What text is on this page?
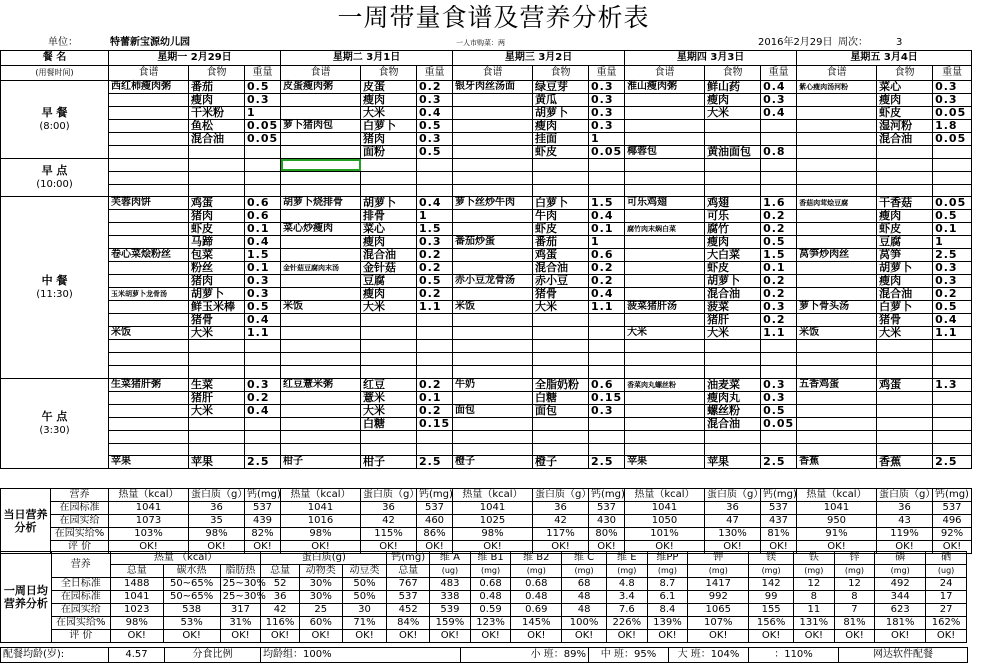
一周带量食谱及营养分析表
单位：	特蕾新宝源幼儿园	一人市购菜：两	2016年2月29日 周次：	3
餐 名	星期一 2月29日			星期二 3月1日			星期三 3月2日			星期四 3月3日			星期五 3月4日		
(用餐时间)	食谱	食物	重量	食谱	食物	重量	食谱	食物	重量	食谱	食物	重量	食谱	食物	重量

早 餐
(8:00)	西红柿瘦肉粥	番茄	0.5	皮蛋瘦肉粥	皮蛋	0.2	银牙肉丝汤面	绿豆芽	0.3	淮山瘦肉粥	鲜山药	0.4	紫心瘦肉汤河粉	菜心	0.3
		瘦肉	0.3		瘦肉	0.3		黄瓜	0.3		瘦肉	0.3		瘦肉	0.3
		干米粉	1		大米	0.4		胡萝卜	0.3		大米	0.4		虾皮	0.05
		鱼松	0.05	萝卜猪肉包	白萝卜	0.5		瘦肉	0.3					湿河粉	1.8
		混合油	0.05		猪肉	0.3		挂面	1					混合油	0.05
					面粉	0.5		虾皮	0.05	椰蓉包	黄油面包	0.8			

早 点
(10:00)															

中 餐
(11:30)	芙蓉肉饼	鸡蛋	0.6	胡萝卜烧排骨	胡萝卜	0.4	萝卜丝炒牛肉	白萝卜	1.5	可乐鸡翅	鸡翅	1.6	香菇肉茸烩豆腐	干香菇	0.05
		猪肉	0.6		排骨	1		牛肉	0.4		可乐	0.2		瘦肉	0.5
		虾皮	0.1	菜心炒瘦肉	菜心	1.5		虾皮	0.1	腐竹肉末焖白菜	腐竹	0.2		虾皮	0.1
		马蹄	0.4		瘦肉	0.3	番茄炒蛋	番茄	1		瘦肉	0.5		豆腐	1
	卷心菜烩粉丝	包菜	1.5		混合油	0.2		鸡蛋	0.6		大白菜	1.5	莴笋炒肉丝	莴笋	2.5
		粉丝	0.1	金针菇豆腐肉末汤	金针菇	0.2		混合油	0.2		虾皮	0.1		胡萝卜	0.3
		猪肉	0.3		豆腐	0.5	赤小豆龙骨汤	赤小豆	0.2		胡萝卜	0.2		瘦肉	0.3
	玉米胡萝卜龙骨汤	胡萝卜	0.3		瘦肉	0.2		猪骨	0.4		混合油	0.2		混合油	0.2
		鲜玉米棒	0.5	米饭	大米	1.1	米饭	大米	1.1	菠菜猪肝汤	菠菜	0.3	萝卜骨头汤	白萝卜	0.5
		猪骨	0.4								猪肝	0.2		猪骨	0.4
	米饭	大米	1.1							大米	大米	1.1	米饭	大米	1.1

午 点
(3:30)	生菜猪肝粥	生菜	0.3	红豆薏米粥	红豆	0.2	牛奶	全脂奶粉	0.6	香菜肉丸螺丝粉	油麦菜	0.3	五香鸡蛋	鸡蛋	1.3
		猪肝	0.2		薏米	0.1		白糖	0.15		瘦肉丸	0.3			
		大米	0.4		大米	0.2	面包	面包	0.3		螺丝粉	0.5			
					白糖	0.15					混合油	0.05			

	苹果	苹果	2.5	柑子	柑子	2.5	橙子	橙子	2.5	苹果	苹果	2.5	香蕉	香蕉	2.5
当日营养分析	营养	热量（kcal）	蛋白质（g）	钙(mg)	热量（kcal）	蛋白质（g）	钙(mg)	热量（kcal）	蛋白质（g）	钙(mg)	热量（kcal）	蛋白质（g）	钙(mg)	热量（kcal）	蛋白质（g）	钙(mg)
	在园标准	1041	36	537	1041	36	537	1041	36	537	1041	36	537	1041	36	537
	在园实给	1073	35	439	1016	42	460	1025	42	430	1050	47	437	950	43	496
	在园实给%	103%	98%	82%	98%	115%	86%	98%	117%	80%	101%	130%	81%	91%	119%	92%
	评 价	OK!	OK!	OK!	OK!	OK!	OK!	OK!	OK!	OK!	OK!	OK!	OK!	OK!	OK!	OK!
一周日均营养分析	营养	热量 （kcal）			蛋白质(g)			钙(mg)	维 A	维 B1	维 B2	维 C	维 E	维PP	钾	镁	铁	锌	磷	硒
		总量	碳水热	脂肪热	总量	动物类	动豆类	总量	(ug)	(mg)	(mg)	(mg)	(mg)	(mg)	(mg)	(mg)	(mg)	(mg)	(mg)	(ug)
	全日标准	1488	50~65%	25~30%	52	30%	50%	767	483	0.68	0.68	68	4.8	8.7	1417	142	12	12	492	24
	在园标准	1041	50~65%	25~30%	36	30%	50%	537	338	0.48	0.48	48	3.4	6.1	992	99	8	8	344	17
	在园实给	1023	538	317	42	25	30	452	539	0.59	0.69	48	7.6	8.4	1065	155	11	7	623	27
	在园实给%	98%	53%	31%	116%	60%	71%	84%	159%	123%	145%	100%	226%	139%	107%	156%	131%	81%	181%	162%
	评 价	OK!	OK!	OK!	OK!	OK!	OK!	OK!	OK!	OK!	OK!	OK!	OK!	OK!	OK!	OK!	OK!	OK!	OK!	OK!
配餐均龄(岁):	4.57	分食比例	均龄组：100%	小 班：89%	中 班：95%	大 班：104%	：110%	网达软件配餐
